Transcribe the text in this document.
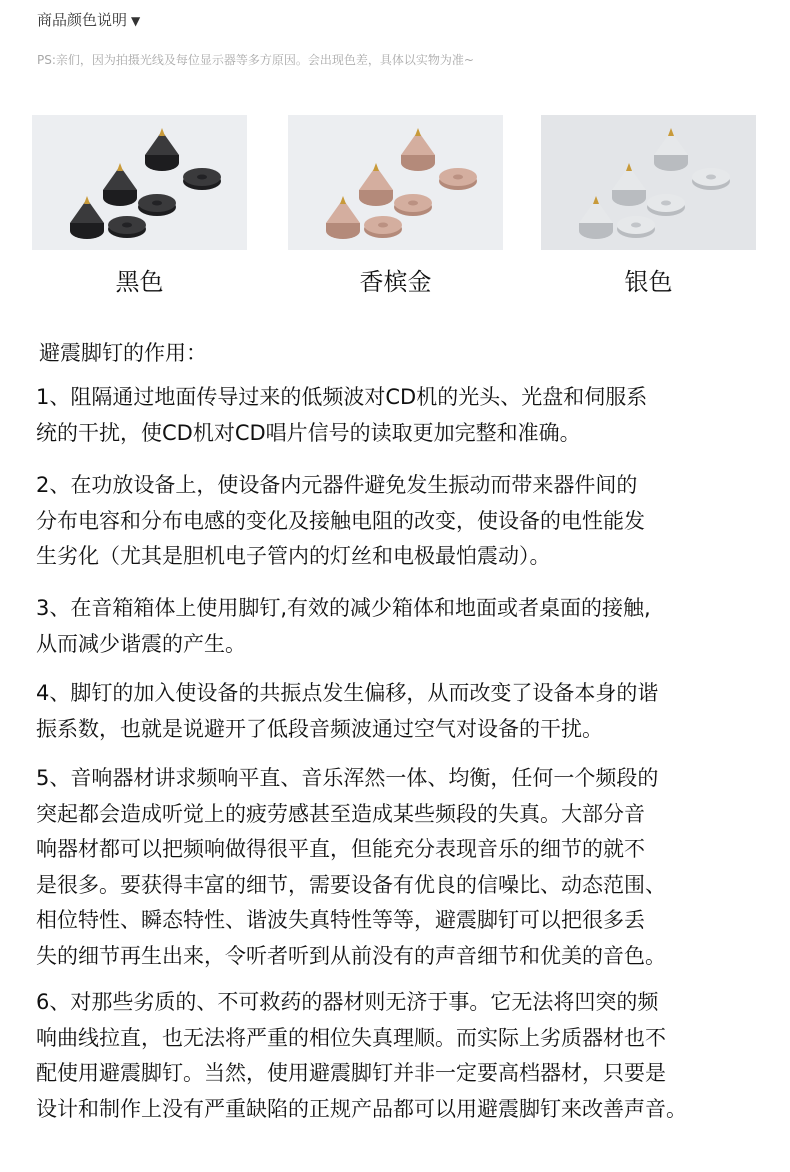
商品颜色说明 ▼
PS:亲们，因为拍摄光线及每位显示器等多方原因。会出现色差，具体以实物为准~
黑色	香槟金	银色
避震脚钉的作用：

1、阻隔通过地面传导过来的低频波对CD机的光头、光盘和伺服系

统的干扰，使CD机对CD唱片信号的读取更加完整和准确。

2、在功放设备上，使设备内元器件避免发生振动而带来器件间的

分布电容和分布电感的变化及接触电阻的改变，使设备的电性能发

生劣化（尤其是胆机电子管内的灯丝和电极最怕震动）。

3、在音箱箱体上使用脚钉,有效的减少箱体和地面或者桌面的接触,

从而减少谐震的产生。

4、脚钉的加入使设备的共振点发生偏移，从而改变了设备本身的谐

振系数，也就是说避开了低段音频波通过空气对设备的干扰。

5、音响器材讲求频响平直、音乐浑然一体、均衡，任何一个频段的

突起都会造成听觉上的疲劳感甚至造成某些频段的失真。大部分音

响器材都可以把频响做得很平直，但能充分表现音乐的细节的就不

是很多。要获得丰富的细节，需要设备有优良的信噪比、动态范围、

相位特性、瞬态特性、谐波失真特性等等，避震脚钉可以把很多丢

失的细节再生出来，令听者听到从前没有的声音细节和优美的音色。

6、对那些劣质的、不可救药的器材则无济于事。它无法将凹突的频

响曲线拉直，也无法将严重的相位失真理顺。而实际上劣质器材也不

配使用避震脚钉。当然，使用避震脚钉并非一定要高档器材，只要是

设计和制作上没有严重缺陷的正规产品都可以用避震脚钉来改善声音。
